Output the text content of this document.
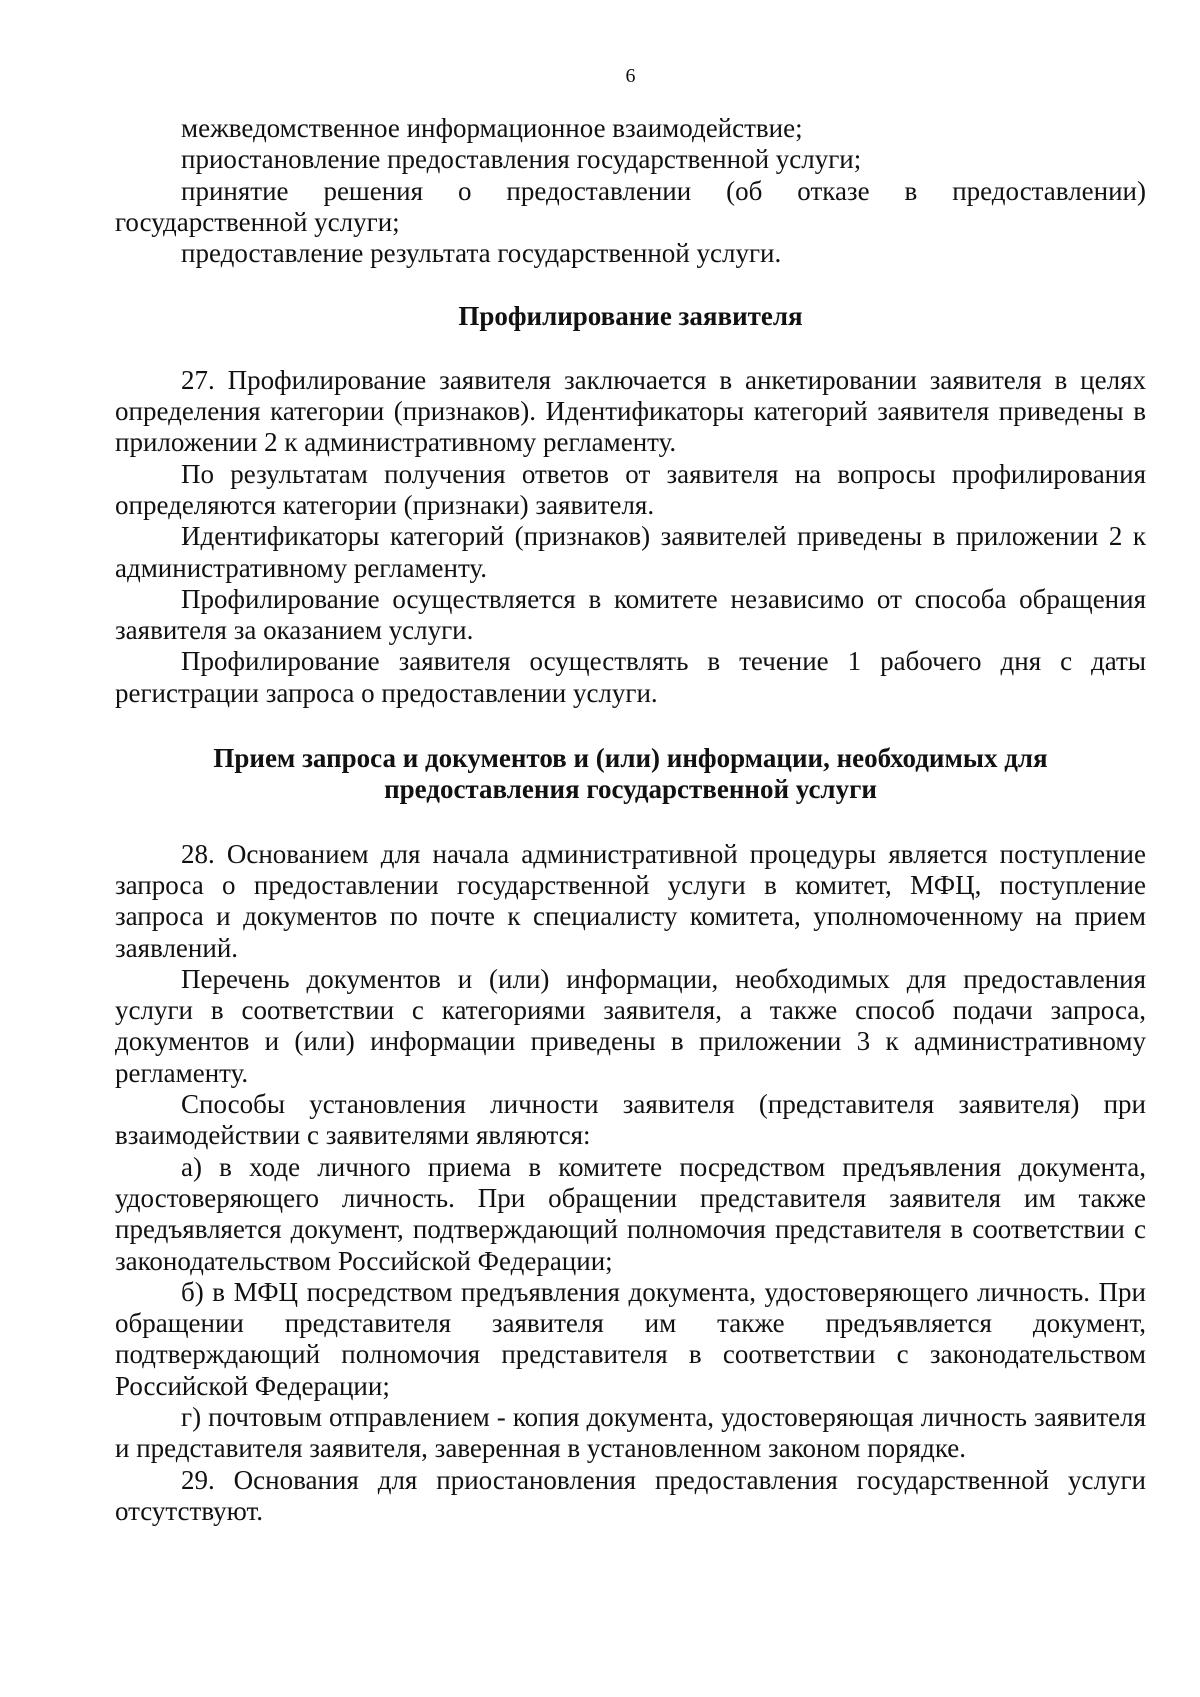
6

межведомственное информационное взаимодействие;

приостановление предоставления государственной услуги;

принятие решения о предоставлении (об отказе в предоставлении) государственной услуги;

предоставление результата государственной услуги.

Профилирование заявителя

27. Профилирование заявителя заключается в анкетировании заявителя в целях определения категории (признаков). Идентификаторы категорий заявителя приведены в приложении 2 к административному регламенту.

По результатам получения ответов от заявителя на вопросы профилирования определяются категории (признаки) заявителя.

Идентификаторы категорий (признаков) заявителей приведены в приложении 2 к административному регламенту.

Профилирование осуществляется в комитете независимо от способа обращения заявителя за оказанием услуги.

Профилирование заявителя осуществлять в течение 1 рабочего дня с даты регистрации запроса о предоставлении услуги.

Прием запроса и документов и (или) информации, необходимых для
предоставления государственной услуги

28. Основанием для начала административной процедуры является поступление запроса о предоставлении государственной услуги в комитет, МФЦ, поступление запроса и документов по почте к специалисту комитета, уполномоченному на прием заявлений.

Перечень документов и (или) информации, необходимых для предоставления услуги в соответствии с категориями заявителя, а также способ подачи запроса, документов и (или) информации приведены в приложении 3 к административному регламенту.

Способы установления личности заявителя (представителя заявителя) при взаимодействии с заявителями являются:

а) в ходе личного приема в комитете посредством предъявления документа, удостоверяющего личность. При обращении представителя заявителя им также предъявляется документ, подтверждающий полномочия представителя в соответствии с законодательством Российской Федерации;

б) в МФЦ посредством предъявления документа, удостоверяющего личность. При обращении представителя заявителя им также предъявляется документ, подтверждающий полномочия представителя в соответствии с законодательством Российской Федерации;

г) почтовым отправлением - копия документа, удостоверяющая личность заявителя и представителя заявителя, заверенная в установленном законом порядке.

29. Основания для приостановления предоставления государственной услуги отсутствуют.
